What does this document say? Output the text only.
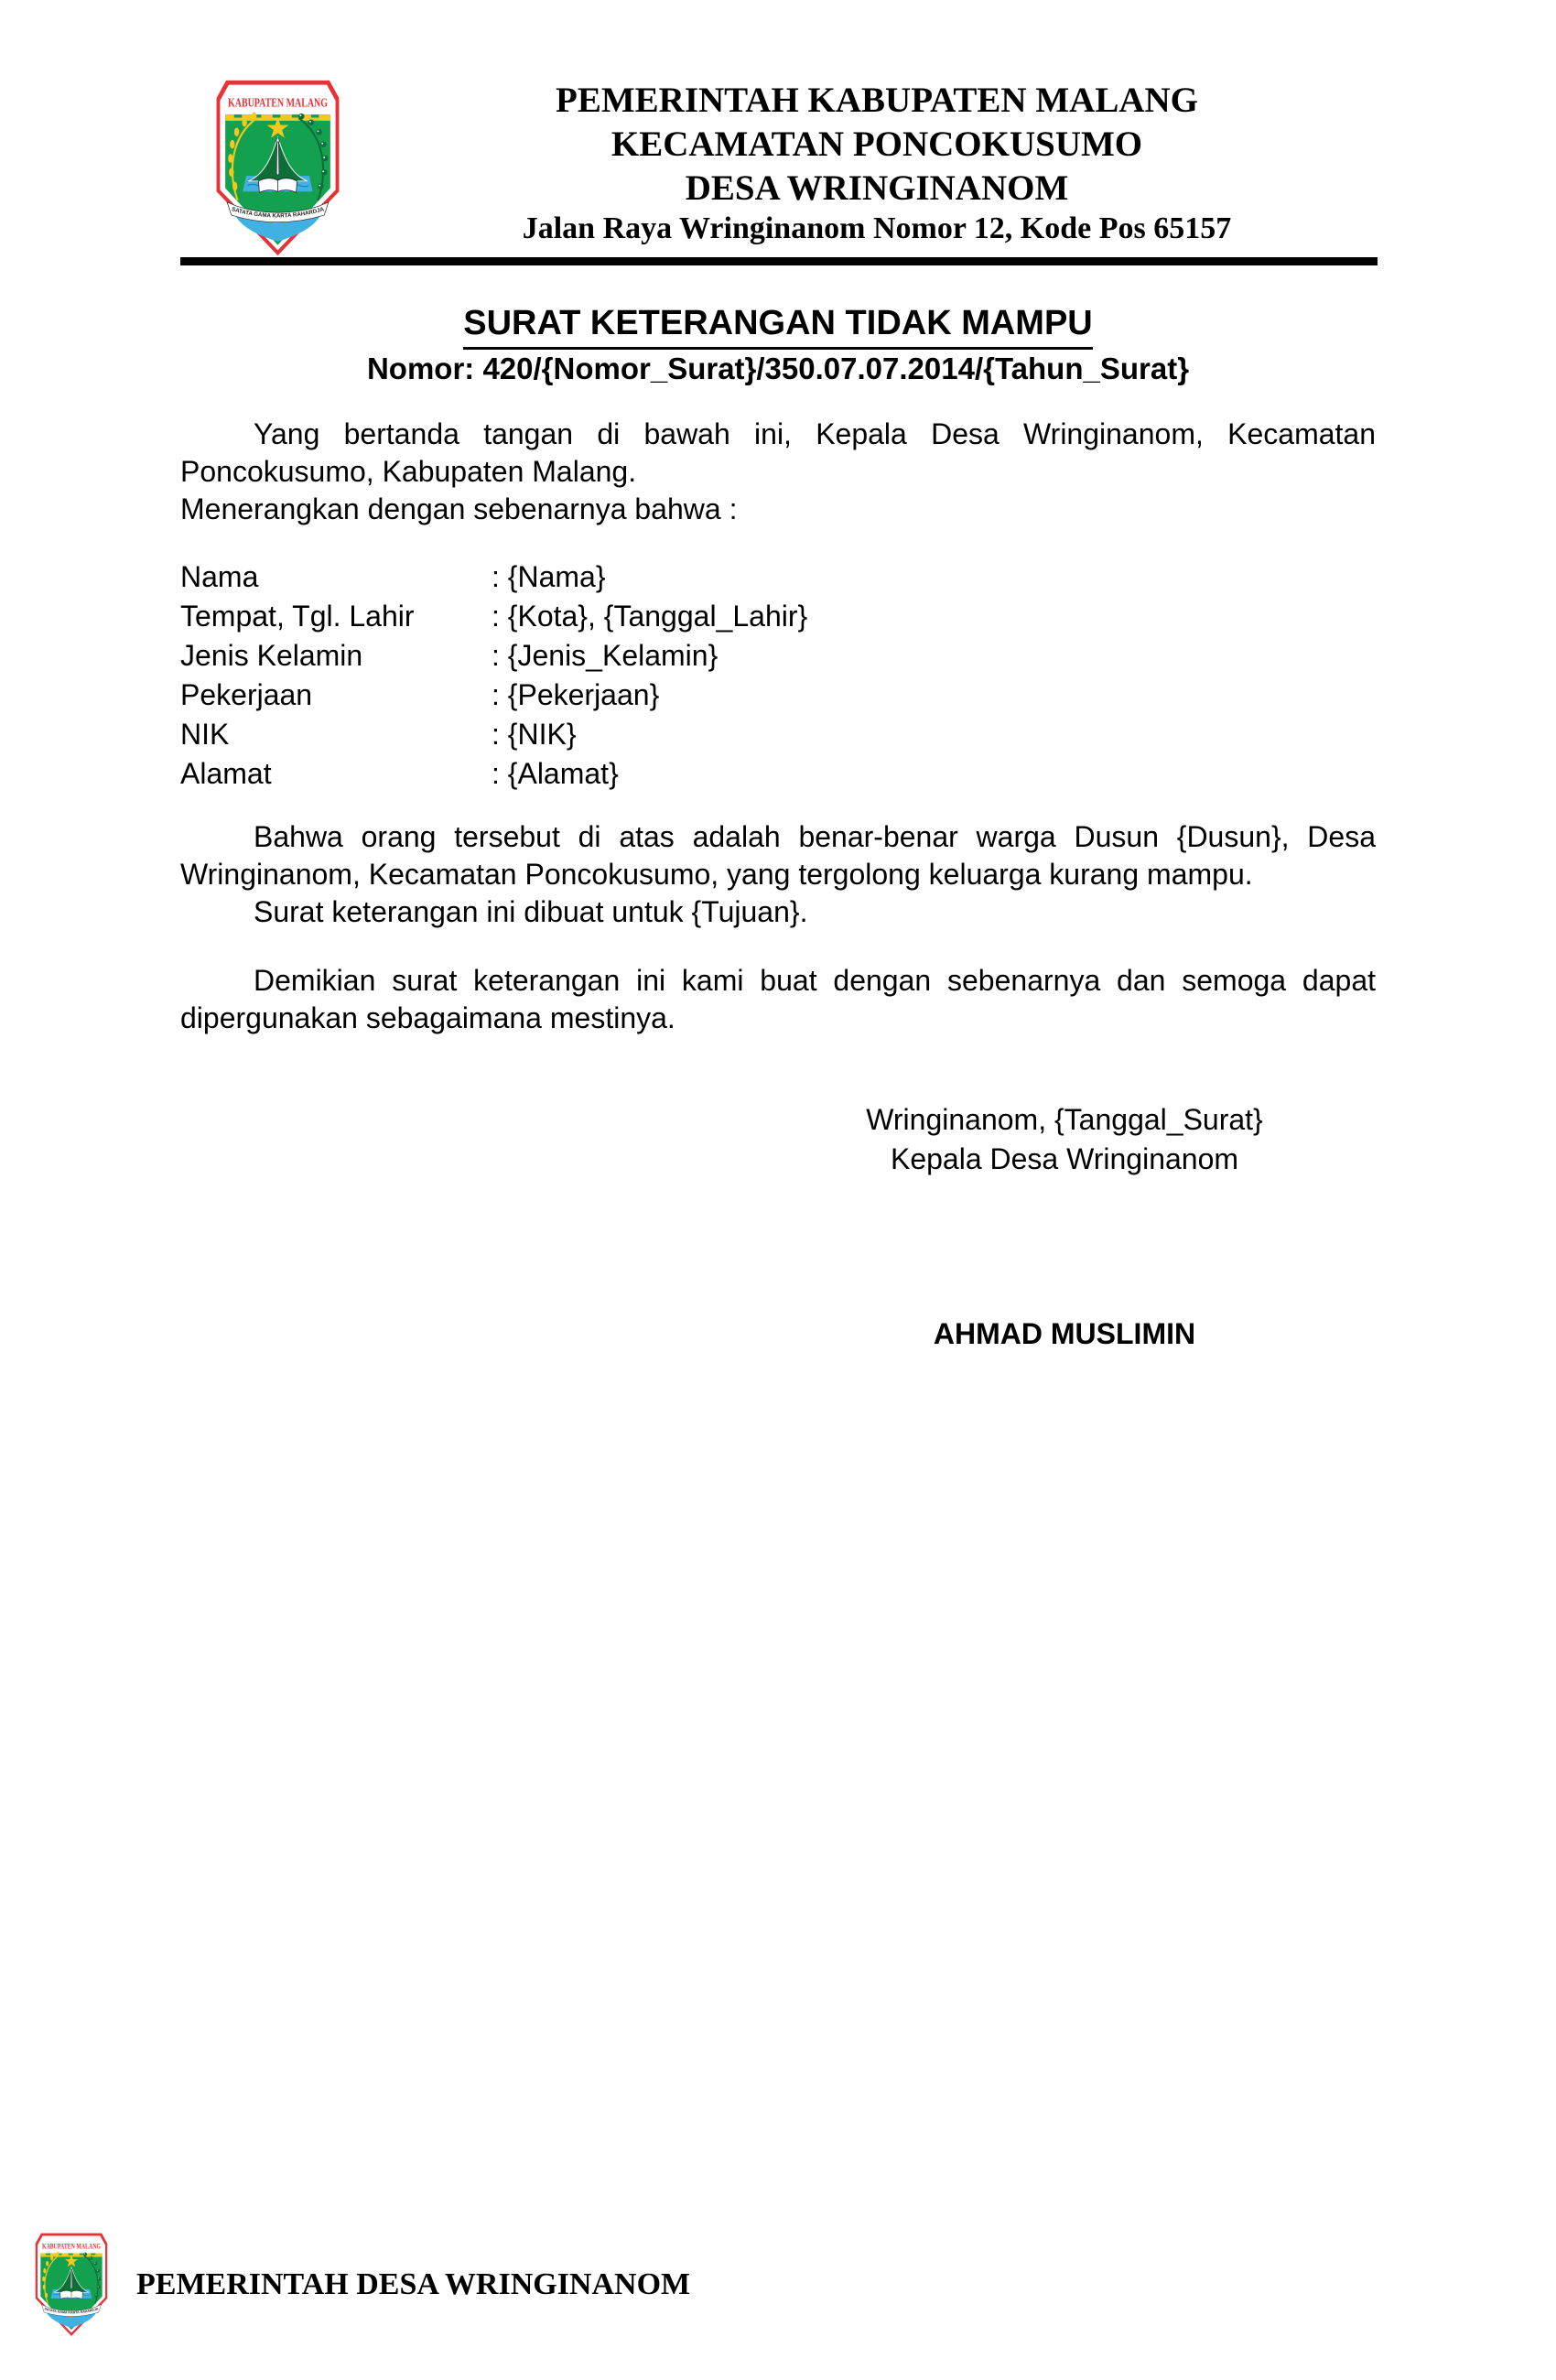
PEMERINTAH KABUPATEN MALANG
KECAMATAN PONCOKUSUMO
DESA WRINGINANOM
Jalan Raya Wringinanom Nomor 12, Kode Pos 65157
SURAT KETERANGAN TIDAK MAMPU
Nomor: 420/{Nomor_Surat}/350.07.07.2014/{Tahun_Surat}

Yang bertanda tangan di bawah ini, Kepala Desa Wringinanom, Kecamatan Poncokusumo, Kabupaten Malang.

Menerangkan dengan sebenarnya bahwa :

Nama	: {Nama}
Tempat, Tgl. Lahir	: {Kota}, {Tanggal_Lahir}
Jenis Kelamin	: {Jenis_Kelamin}
Pekerjaan	: {Pekerjaan}
NIK	: {NIK}
Alamat	: {Alamat}

Bahwa orang tersebut di atas adalah benar-benar warga Dusun {Dusun}, Desa Wringinanom, Kecamatan Poncokusumo, yang tergolong keluarga kurang mampu.

Surat keterangan ini dibuat untuk {Tujuan}.

Demikian surat keterangan ini kami buat dengan sebenarnya dan semoga dapat dipergunakan sebagaimana mestinya.

Wringinanom, {Tanggal_Surat}
Kepala Desa Wringinanom
AHMAD MUSLIMIN
PEMERINTAH DESA WRINGINANOM
